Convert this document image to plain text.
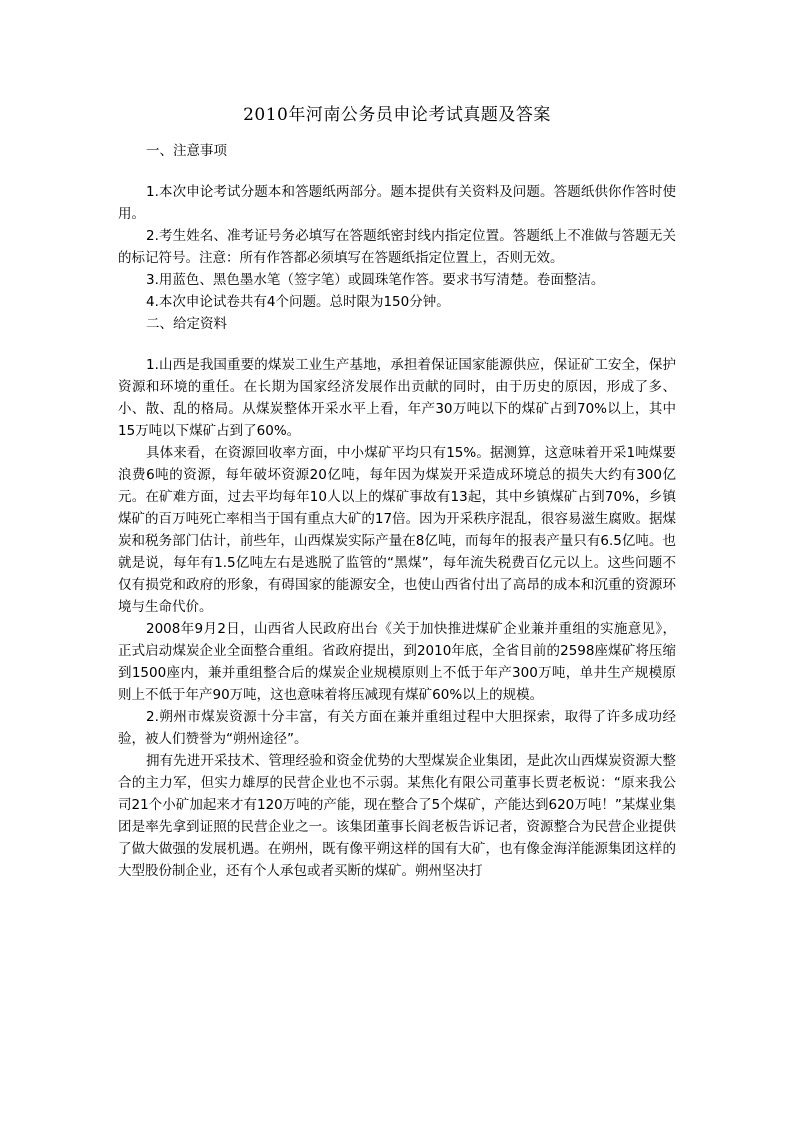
2010年河南公务员申论考试真题及答案

一、注意事项

1.本次申论考试分题本和答题纸两部分。题本提供有关资料及问题。答题纸供你作答时使用。

2.考生姓名、准考证号务必填写在答题纸密封线内指定位置。答题纸上不准做与答题无关的标记符号。注意：所有作答都必须填写在答题纸指定位置上，否则无效。

3.用蓝色、黑色墨水笔（签字笔）或圆珠笔作答。要求书写清楚。卷面整洁。

4.本次申论试卷共有4个问题。总时限为150分钟。

二、给定资料

1.山西是我国重要的煤炭工业生产基地，承担着保证国家能源供应，保证矿工安全，保护资源和环境的重任。在长期为国家经济发展作出贡献的同时，由于历史的原因，形成了多、小、散、乱的格局。从煤炭整体开采水平上看，年产30万吨以下的煤矿占到70%以上，其中15万吨以下煤矿占到了60%。

具体来看，在资源回收率方面，中小煤矿平均只有15%。据测算，这意味着开采1吨煤要浪费6吨的资源，每年破坏资源20亿吨，每年因为煤炭开采造成环境总的损失大约有300亿元。在矿难方面，过去平均每年10人以上的煤矿事故有13起，其中乡镇煤矿占到70%，乡镇煤矿的百万吨死亡率相当于国有重点大矿的17倍。因为开采秩序混乱，很容易滋生腐败。据煤炭和税务部门估计，前些年，山西煤炭实际产量在8亿吨，而每年的报表产量只有6.5亿吨。也就是说，每年有1.5亿吨左右是逃脱了监管的“黑煤”，每年流失税费百亿元以上。这些问题不仅有损党和政府的形象，有碍国家的能源安全，也使山西省付出了高昂的成本和沉重的资源环境与生命代价。

2008年9月2日，山西省人民政府出台《关于加快推进煤矿企业兼并重组的实施意见》，正式启动煤炭企业全面整合重组。省政府提出，到2010年底，全省目前的2598座煤矿将压缩到1500座内，兼并重组整合后的煤炭企业规模原则上不低于年产300万吨，单井生产规模原则上不低于年产90万吨，这也意味着将压减现有煤矿60%以上的规模。

2.朔州市煤炭资源十分丰富，有关方面在兼并重组过程中大胆探索，取得了许多成功经验，被人们赞誉为“朔州途径”。

拥有先进开采技术、管理经验和资金优势的大型煤炭企业集团，是此次山西煤炭资源大整合的主力军，但实力雄厚的民营企业也不示弱。某焦化有限公司董事长贾老板说：“原来我公司21个小矿加起来才有120万吨的产能，现在整合了5个煤矿，产能达到620万吨！”某煤业集团是率先拿到证照的民营企业之一。该集团董事长阎老板告诉记者，资源整合为民营企业提供了做大做强的发展机遇。在朔州，既有像平朔这样的国有大矿，也有像金海洋能源集团这样的大型股份制企业，还有个人承包或者买断的煤矿。朔州坚决打
